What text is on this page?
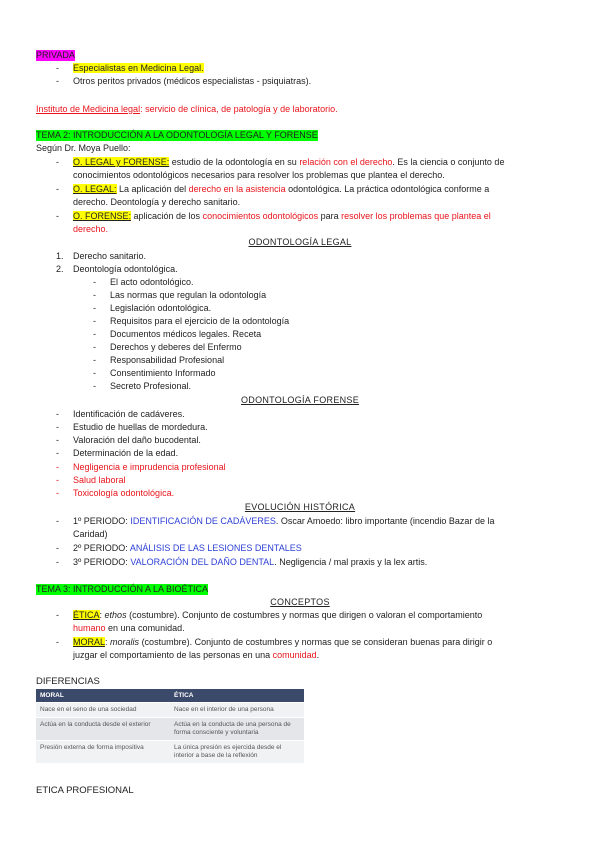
PRIVADA
- Especialistas en Medicina Legal.
- Otros peritos privados (médicos especialistas - psiquiatras).
Instituto de Medicina legal: servicio de clínica, de patología y de laboratorio.
TEMA 2: INTRODUCCIÓN A LA ODONTOLOGÍA LEGAL Y FORENSE
Según Dr. Moya Puello:
- O. LEGAL y FORENSE: estudio de la odontología en su relación con el derecho. Es la ciencia o conjunto de
conocimientos odontológicos necesarios para resolver los problemas que plantea el derecho.
- O. LEGAL: La aplicación del derecho en la asistencia odontológica. La práctica odontológica conforme a
derecho. Deontología y derecho sanitario.
- O. FORENSE: aplicación de los conocimientos odontológicos para resolver los problemas que plantea el
derecho.
ODONTOLOGÍA LEGAL
1. Derecho sanitario.
2. Deontología odontológica.
- El acto odontológico.
- Las normas que regulan la odontología
- Legislación odontológica.
- Requisitos para el ejercicio de la odontología
- Documentos médicos legales. Receta
- Derechos y deberes del Enfermo
- Responsabilidad Profesional
- Consentimiento Informado
- Secreto Profesional.
ODONTOLOGÍA FORENSE
- Identificación de cadáveres.
- Estudio de huellas de mordedura.
- Valoración del daño bucodental.
- Determinación de la edad.
- Negligencia e imprudencia profesional
- Salud laboral
- Toxicología odontológica.
EVOLUCIÓN HISTÓRICA
- 1º PERIODO: IDENTIFICACIÓN DE CADÁVERES. Oscar Amoedo: libro importante (incendio Bazar de la
Caridad)
- 2º PERIODO: ANÁLISIS DE LAS LESIONES DENTALES
- 3º PERIODO: VALORACIÓN DEL DAÑO DENTAL. Negligencia / mal praxis y la lex artis.
TEMA 3: INTRODUCCIÓN A LA BIOÉTICA
CONCEPTOS
- ÉTICA: ethos (costumbre). Conjunto de costumbres y normas que dirigen o valoran el comportamiento
humano en una comunidad.
- MORAL: moralis (costumbre). Conjunto de costumbres y normas que se consideran buenas para dirigir o
juzgar el comportamiento de las personas en una comunidad.
DIFERENCIAS
MORAL	ÉTICA
Nace en el seno de una sociedad	Nace en el interior de una persona
Actúa en la conducta desde el exterior	Actúa en la conducta de una persona de forma consciente y voluntaria
Presión externa de forma impositiva	La única presión es ejercida desde el interior a base de la reflexión
ETICA PROFESIONAL
